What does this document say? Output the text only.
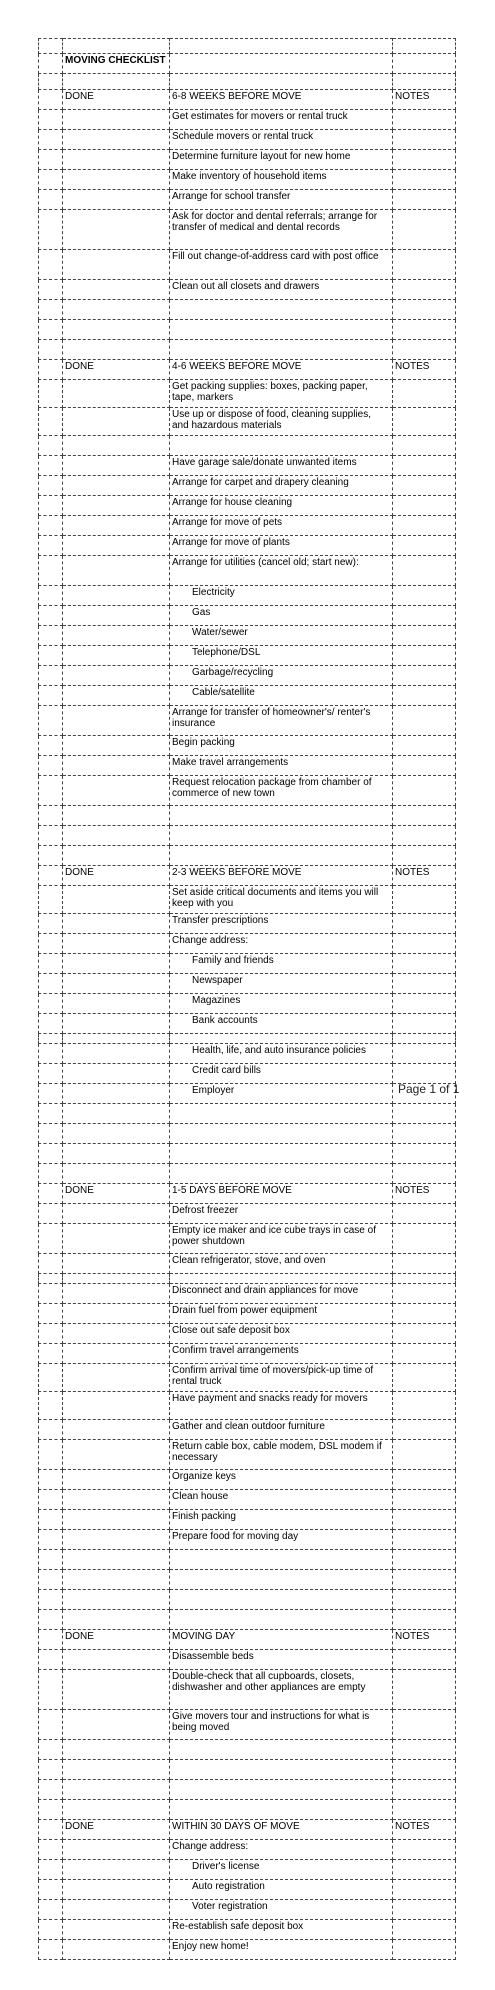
MOVING CHECKLIST
DONE	6-8 WEEKS BEFORE MOVE	NOTES
Get estimates for movers or rental truck
Schedule movers or rental truck
Determine furniture layout for new home
Make inventory of household items
Arrange for school transfer
Ask for doctor and dental referrals; arrange for transfer of medical and dental records
Fill out change-of-address card with post office
Clean out all closets and drawers
DONE	4-6 WEEKS BEFORE MOVE	NOTES
Get packing supplies: boxes, packing paper, tape, markers
Use up or dispose of food, cleaning supplies, and hazardous materials
Have garage sale/donate unwanted items
Arrange for carpet and drapery cleaning
Arrange for house cleaning
Arrange for move of pets
Arrange for move of plants
Arrange for utilities (cancel old; start new):
Electricity
Gas
Water/sewer
Telephone/DSL
Garbage/recycling
Cable/satellite
Arrange for transfer of homeowner's/ renter's insurance
Begin packing
Make travel arrangements
Request relocation package from chamber of commerce of new town
DONE	2-3 WEEKS BEFORE MOVE	NOTES
Set aside critical documents and items you will keep with you
Transfer prescriptions
Change address:
Family and friends
Newspaper
Magazines
Bank accounts
Health, life, and auto insurance policies
Credit card bills
Employer
DONE	1-5 DAYS BEFORE MOVE	NOTES
Defrost freezer
Empty ice maker and ice cube trays in case of power shutdown
Clean refrigerator, stove, and oven
Disconnect and drain appliances for move
Drain fuel from power equipment
Close out safe deposit box
Confirm travel arrangements
Confirm arrival time of movers/pick-up time of rental truck
Have payment and snacks ready for movers
Gather and clean outdoor furniture
Return cable box, cable modem, DSL modem if necessary
Organize keys
Clean house
Finish packing
Prepare food for moving day
DONE	MOVING DAY	NOTES
Disassemble beds
Double-check that all cupboards, closets, dishwasher and other appliances are empty
Give movers tour and instructions for what is being moved
DONE	WITHIN 30 DAYS OF MOVE	NOTES
Change address:
Driver's license
Auto registration
Voter registration
Re-establish safe deposit box
Enjoy new home!
Page 1 of 1
